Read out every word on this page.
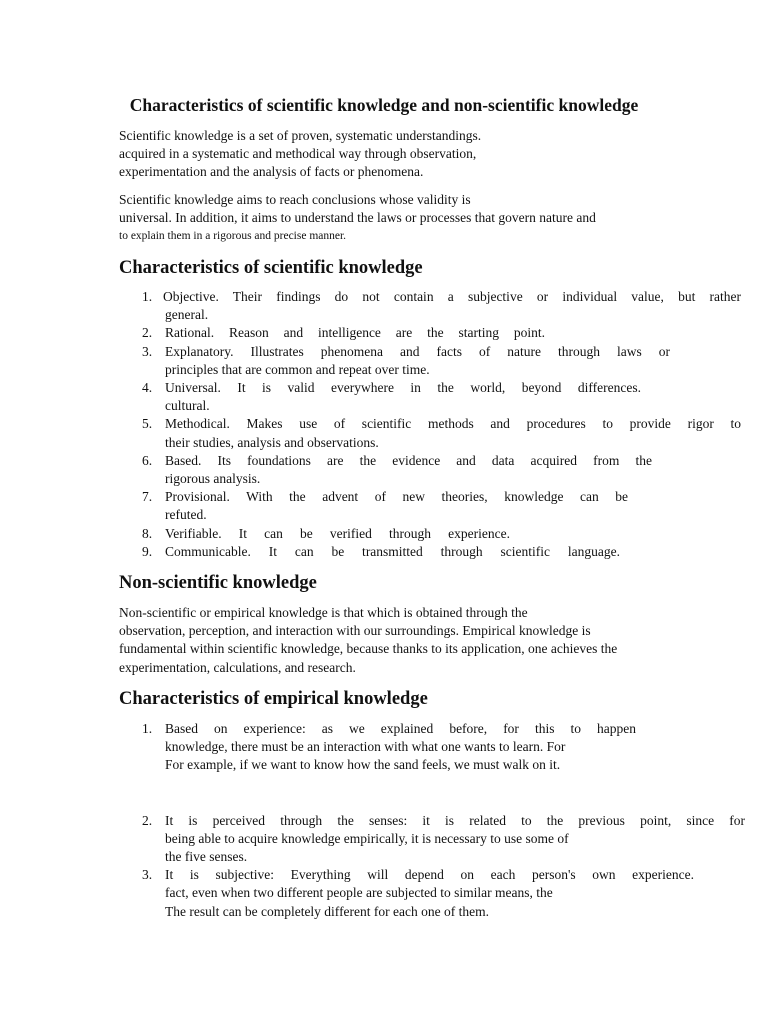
Characteristics of scientific knowledge and non-scientific knowledge
Scientific knowledge is a set of proven, systematic understandings.
acquired in a systematic and methodical way through observation,
experimentation and the analysis of facts or phenomena.
Scientific knowledge aims to reach conclusions whose validity is
universal. In addition, it aims to understand the laws or processes that govern nature and
to explain them in a rigorous and precise manner.
Characteristics of scientific knowledge
1. Objective. Their findings do not contain a subjective or individual value, but rather
general.
2. Rational. Reason and intelligence are the starting point.
3. Explanatory. Illustrates phenomena and facts of nature through laws or
principles that are common and repeat over time.
4. Universal. It is valid everywhere in the world, beyond differences.
cultural.
5. Methodical. Makes use of scientific methods and procedures to provide rigor to
their studies, analysis and observations.
6. Based. Its foundations are the evidence and data acquired from the
rigorous analysis.
7. Provisional. With the advent of new theories, knowledge can be
refuted.
8. Verifiable. It can be verified through experience.
9. Communicable. It can be transmitted through scientific language.
Non-scientific knowledge
Non-scientific or empirical knowledge is that which is obtained through the
observation, perception, and interaction with our surroundings. Empirical knowledge is
fundamental within scientific knowledge, because thanks to its application, one achieves the
experimentation, calculations, and research.
Characteristics of empirical knowledge
1. Based on experience: as we explained before, for this to happen
knowledge, there must be an interaction with what one wants to learn. For
For example, if we want to know how the sand feels, we must walk on it.
2. It is perceived through the senses: it is related to the previous point, since for
being able to acquire knowledge empirically, it is necessary to use some of
the five senses.
3. It is subjective: Everything will depend on each person's own experience.
fact, even when two different people are subjected to similar means, the
The result can be completely different for each one of them.
